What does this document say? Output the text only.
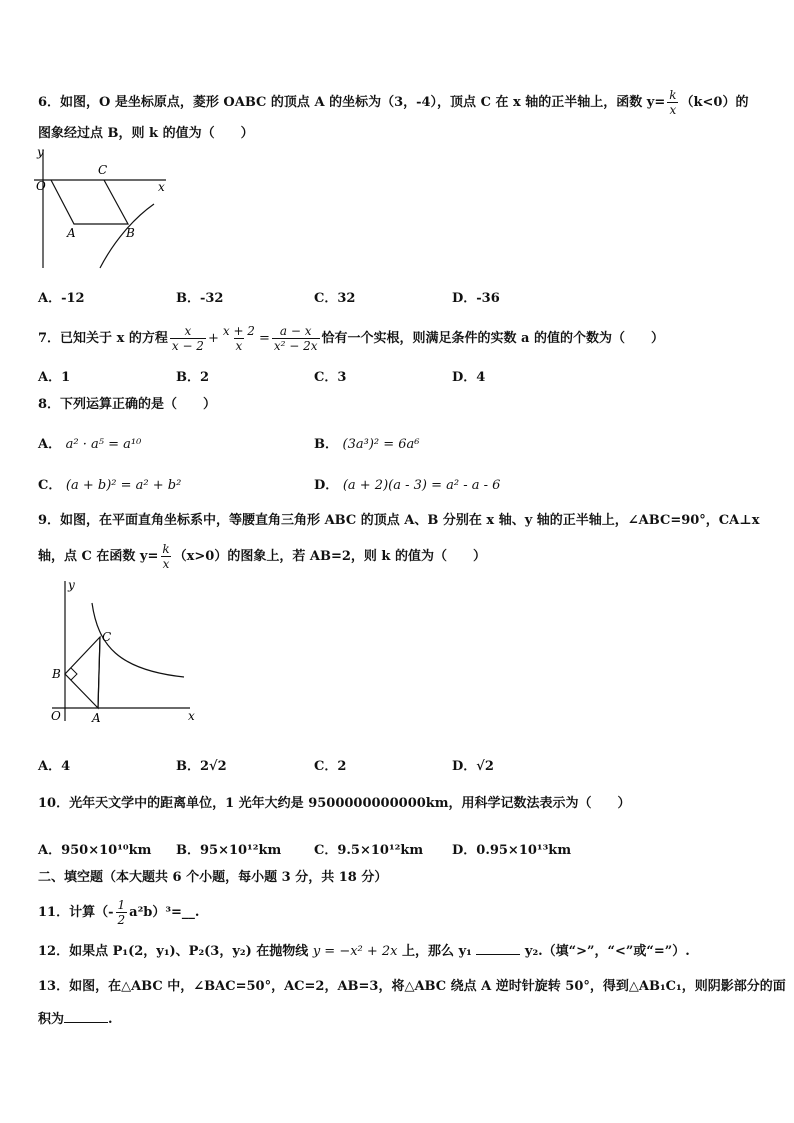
6．如图，O 是坐标原点，菱形 OABC 的顶点 A 的坐标为（3，-4），顶点 C 在 x 轴的正半轴上，函数 $y= \frac{k}{x} (k<0)$的
图象经过点 B，则 k 的值为（　　）
y
x
O
C
A	B
A．-12	B．-32	C．32	D．-36
7．已知关于 x 的方程 $\frac{x}{x - 2} + \frac{x + 2}{x} = \frac{a - x}{\text{x² − 2x}}$ 恰有一个实根，则满足条件的实数 a 的值的个数为（　　）
A．1	B．2	C．3	D．4
8．下列运算正确的是（　　）
A． a² · a⁵ = a¹⁰	B． (3a³)² = 6a⁶
C． (a + b)² = a² + b²	D． (a + 2)(a - 3) = a² - a - 6
9．如图，在平面直角坐标系中，等腰直角三角形 ABC 的顶点 A、B 分别在 x 轴、y 轴的正半轴上，∠ABC=90°，CA⊥x
轴，点 C 在函数 $y= \frac{k}{x} (x>0)$的图象上，若 AB=2，则 k 的值为（　　）
y
x
O	A
B
C
A．4	B．2√2	C．2	D．√2
10．光年天文学中的距离单位，1 光年大约是 9500000000000km，用科学记数法表示为（　　）
A．950×10¹⁰km B．95×10¹²km	C．9.5×10¹²km D．0.95×10¹³km
二、填空题（本大题共 6 个小题，每小题 3 分，共 18 分）
11．计算（- $\frac{1}{2}$ a²b）³=__.
12．如果点 P₁(2，y₁)、P₂(3，y₂) 在抛物线 y = −x² + 2x 上，那么 y₁	y₂.（填“>”，“<”或“=”）.
13．如图，在△ABC 中，∠BAC=50°，AC=2，AB=3，将△ABC 绕点 A 逆时针旋转 50°，得到△AB₁C₁，则阴影部分的面
积为	.
